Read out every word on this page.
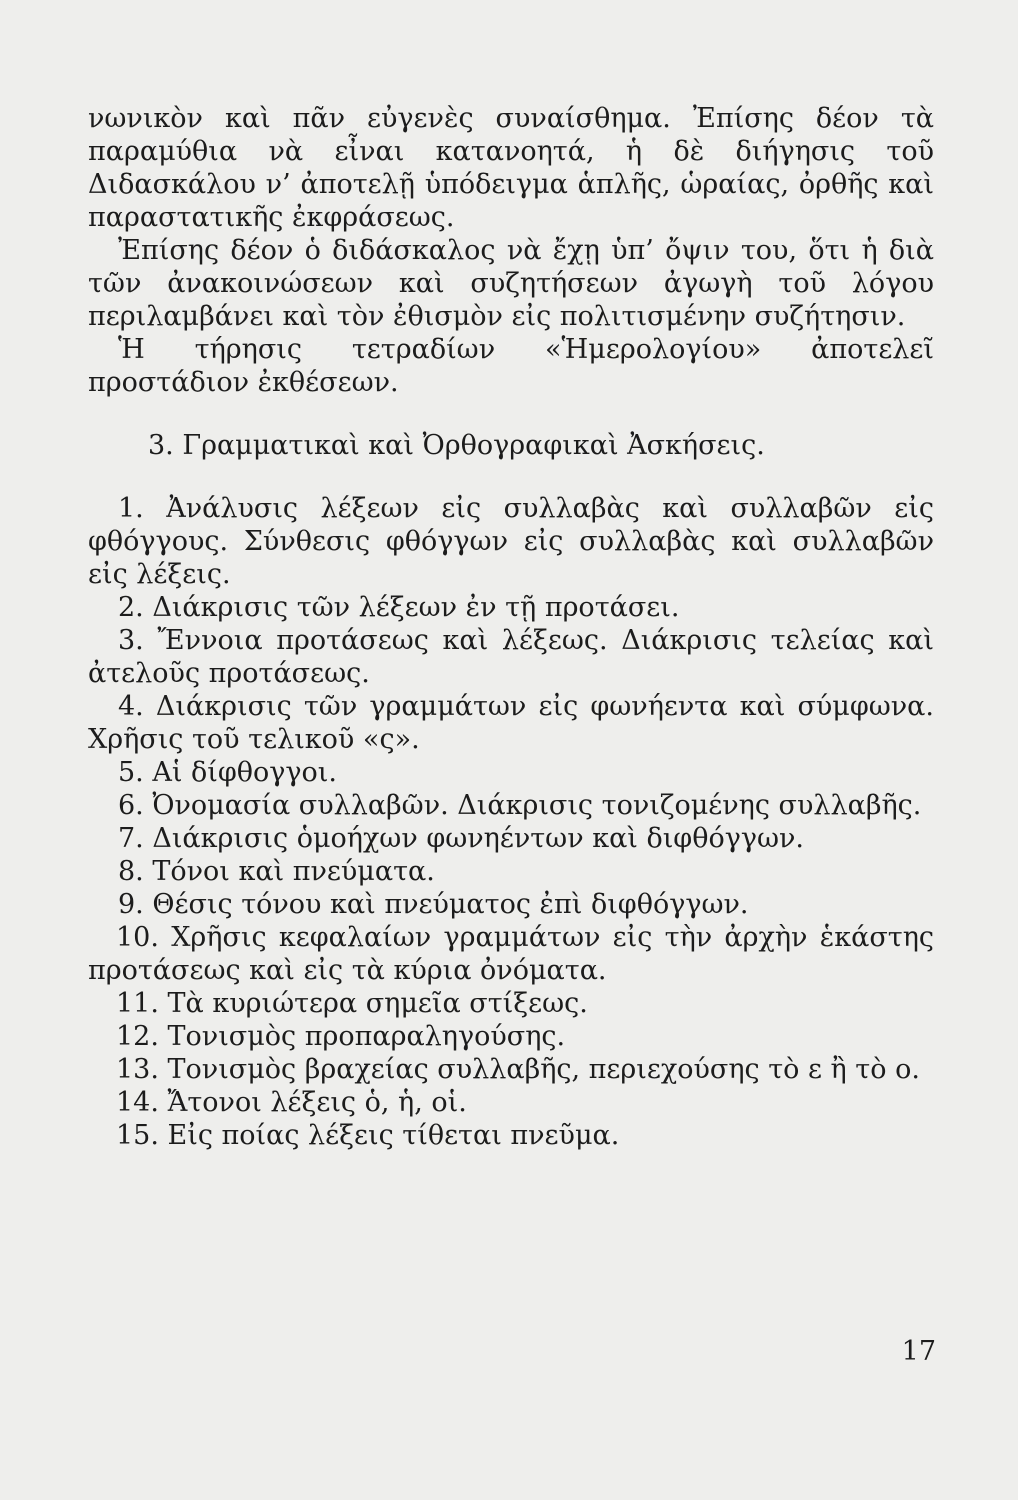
νωνικὸν καὶ πᾶν εὐγενὲς συναίσθημα. Ἐπίσης δέον τὰ παραμύθια νὰ εἶναι κατανοητά, ἡ δὲ διήγησις τοῦ Διδασκάλου ν’ ἀποτελῇ ὑπόδειγμα ἁπλῆς, ὡραίας, ὀρθῆς καὶ παραστατικῆς ἐκφράσεως.

Ἐπίσης δέον ὁ διδάσκαλος νὰ ἔχῃ ὑπ’ ὄψιν του, ὅτι ἡ διὰ τῶν ἀνακοινώσεων καὶ συζητήσεων ἀγωγὴ τοῦ λόγου περιλαμβάνει καὶ τὸν ἐθισμὸν εἰς πολιτισμένην συζήτησιν.

Ἡ τήρησις τετραδίων «Ἡμερολογίου» ἀποτελεῖ προστάδιον ἐκθέσεων.

3. Γραμματικαὶ καὶ Ὀρθογραφικαὶ Ἀσκήσεις.

1. Ἀνάλυσις λέξεων εἰς συλλαβὰς καὶ συλλαβῶν εἰς φθόγγους. Σύνθεσις φθόγγων εἰς συλλαβὰς καὶ συλλαβῶν εἰς λέξεις.

2. Διάκρισις τῶν λέξεων ἐν τῇ προτάσει.

3. Ἔννοια προτάσεως καὶ λέξεως. Διάκρισις τελείας καὶ ἀτελοῦς προτάσεως.

4. Διάκρισις τῶν γραμμάτων εἰς φωνήεντα καὶ σύμφωνα. Χρῆσις τοῦ τελικοῦ «ς».

5. Αἱ δίφθογγοι.

6. Ὀνομασία συλλαβῶν. Διάκρισις τονιζομένης συλλαβῆς.

7. Διάκρισις ὁμοήχων φωνηέντων καὶ διφθόγγων.

8. Τόνοι καὶ πνεύματα.

9. Θέσις τόνου καὶ πνεύματος ἐπὶ διφθόγγων.

10. Χρῆσις κεφαλαίων γραμμάτων εἰς τὴν ἀρχὴν ἑκάστης προτάσεως καὶ εἰς τὰ κύρια ὀνόματα.

11. Τὰ κυριώτερα σημεῖα στίξεως.

12. Τονισμὸς προπαραληγούσης.

13. Τονισμὸς βραχείας συλλαβῆς, περιεχούσης τὸ ε ἢ τὸ ο.

14. Ἄτονοι λέξεις ὁ, ἡ, οἱ.

15. Εἰς ποίας λέξεις τίθεται πνεῦμα.

17
